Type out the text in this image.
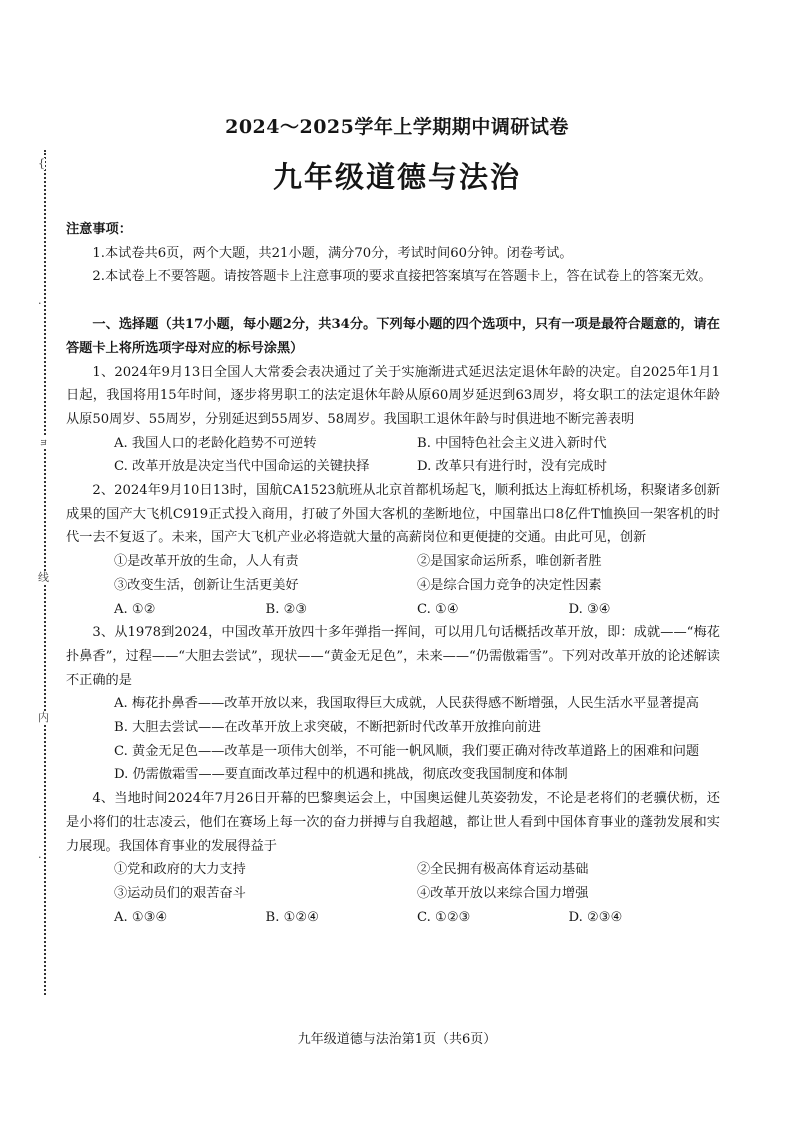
{
·
ョ
线
内
·
2024～2025学年上学期期中调研试卷
九年级道德与法治

注意事项：

1.本试卷共6页，两个大题，共21小题，满分70分，考试时间60分钟。闭卷考试。

2.本试卷上不要答题。请按答题卡上注意事项的要求直接把答案填写在答题卡上，答在试卷上的答案无效。

一、选择题（共17小题，每小题2分，共34分。下列每小题的四个选项中，只有一项是最符合题意的，请在答题卡上将所选项字母对应的标号涂黑）

1、2024年9月13日全国人大常委会表决通过了关于实施渐进式延迟法定退休年龄的决定。自2025年1月1日起，我国将用15年时间，逐步将男职工的法定退休年龄从原60周岁延迟到63周岁，将女职工的法定退休年龄从原50周岁、55周岁，分别延迟到55周岁、58周岁。我国职工退休年龄与时俱进地不断完善表明

A. 我国人口的老龄化趋势不可逆转	B. 中国特色社会主义进入新时代
C. 改革开放是决定当代中国命运的关键抉择	D. 改革只有进行时，没有完成时

2、2024年9月10日13时，国航CA1523航班从北京首都机场起飞，顺利抵达上海虹桥机场，积聚诸多创新成果的国产大飞机C919正式投入商用，打破了外国大客机的垄断地位，中国靠出口8亿件T恤换回一架客机的时代一去不复返了。未来，国产大飞机产业必将造就大量的高薪岗位和更便捷的交通。由此可见，创新

①是改革开放的生命，人人有责	②是国家命运所系，唯创新者胜
③改变生活，创新让生活更美好	④是综合国力竞争的决定性因素
A. ①②	B. ②③	C. ①④	D. ③④

3、从1978到2024，中国改革开放四十多年弹指一挥间，可以用几句话概括改革开放，即：成就——“梅花扑鼻香”，过程——“大胆去尝试”，现状——“黄金无足色”，未来——“仍需傲霜雪”。下列对改革开放的论述解读不正确的是

A. 梅花扑鼻香——改革开放以来，我国取得巨大成就，人民获得感不断增强，人民生活水平显著提高

B. 大胆去尝试——在改革开放上求突破，不断把新时代改革开放推向前进

C. 黄金无足色——改革是一项伟大创举，不可能一帆风顺，我们要正确对待改革道路上的困难和问题

D. 仍需傲霜雪——要直面改革过程中的机遇和挑战，彻底改变我国制度和体制

4、当地时间2024年7月26日开幕的巴黎奥运会上，中国奥运健儿英姿勃发，不论是老将们的老骥伏枥，还是小将们的壮志凌云，他们在赛场上每一次的奋力拼搏与自我超越，都让世人看到中国体育事业的蓬勃发展和实力展现。我国体育事业的发展得益于

①党和政府的大力支持	②全民拥有极高体育运动基础
③运动员们的艰苦奋斗	④改革开放以来综合国力增强
A. ①③④	B. ①②④	C. ①②③	D. ②③④
九年级道德与法治第1页（共6页）
